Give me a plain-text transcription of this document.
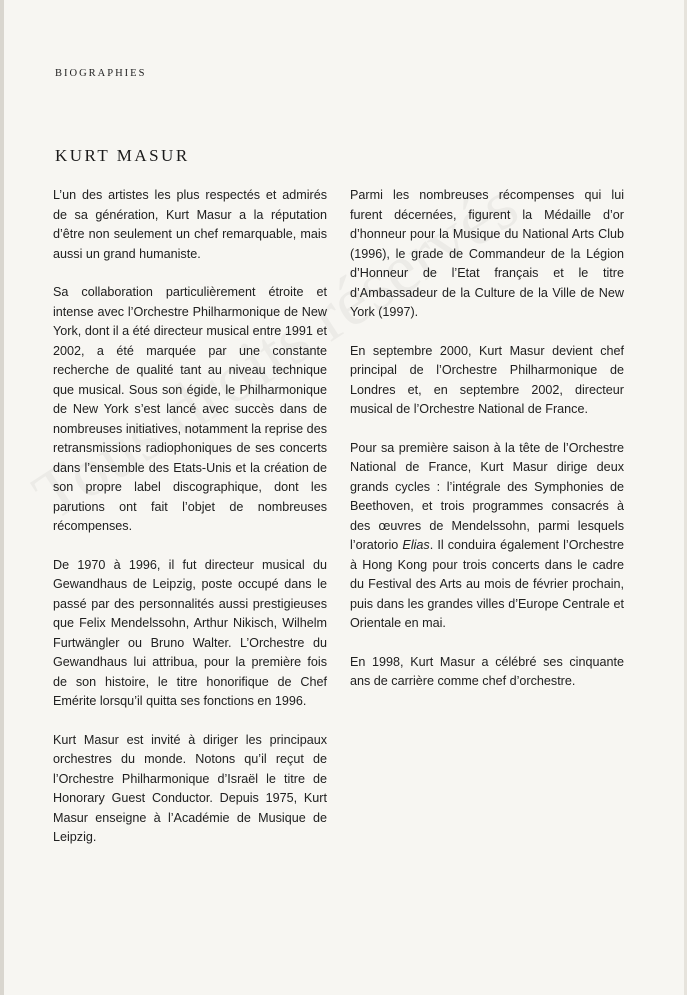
BIOGRAPHIES
KURT MASUR

L’un des artistes les plus respectés et admirés de sa génération, Kurt Masur a la réputation d’être non seulement un chef remarquable, mais aussi un grand humaniste.

Sa collaboration particulièrement étroite et intense avec l’Orchestre Philharmonique de New York, dont il a été directeur musical entre 1991 et 2002, a été marquée par une constante recherche de qualité tant au niveau technique que musical. Sous son égide, le Philharmonique de New York s’est lancé avec succès dans de nombreuses initiatives, notamment la reprise des retransmissions radiophoniques de ses concerts dans l’ensemble des Etats-Unis et la création de son propre label discographique, dont les parutions ont fait l’objet de nombreuses récompenses.

De 1970 à 1996, il fut directeur musical du Gewandhaus de Leipzig, poste occupé dans le passé par des personnalités aussi prestigieuses que Felix Mendelssohn, Arthur Nikisch, Wilhelm Furtwängler ou Bruno Walter. L’Orchestre du Gewandhaus lui attribua, pour la première fois de son histoire, le titre honorifique de Chef Emérite lorsqu’il quitta ses fonctions en 1996.

Kurt Masur est invité à diriger les principaux orchestres du monde. Notons qu’il reçut de l’Orchestre Philharmonique d’Israël le titre de Honorary Guest Conductor. Depuis 1975, Kurt Masur enseigne à l’Académie de Musique de Leipzig.

Parmi les nombreuses récompenses qui lui furent décernées, figurent la Médaille d’or d’honneur pour la Musique du National Arts Club (1996), le grade de Commandeur de la Légion d’Honneur de l’Etat français et le titre d’Ambassadeur de la Culture de la Ville de New York (1997).

En septembre 2000, Kurt Masur devient chef principal de l’Orchestre Philharmonique de Londres et, en septembre 2002, directeur musical de l’Orchestre National de France.

Pour sa première saison à la tête de l’Orchestre National de France, Kurt Masur dirige deux grands cycles : l’intégrale des Symphonies de Beethoven, et trois programmes consacrés à des œuvres de Mendelssohn, parmi lesquels l’oratorio Elias. Il conduira également l’Orchestre à Hong Kong pour trois concerts dans le cadre du Festival des Arts au mois de février prochain, puis dans les grandes villes d’Europe Centrale et Orientale en mai.

En 1998, Kurt Masur a célébré ses cinquante ans de carrière comme chef d’orchestre.
